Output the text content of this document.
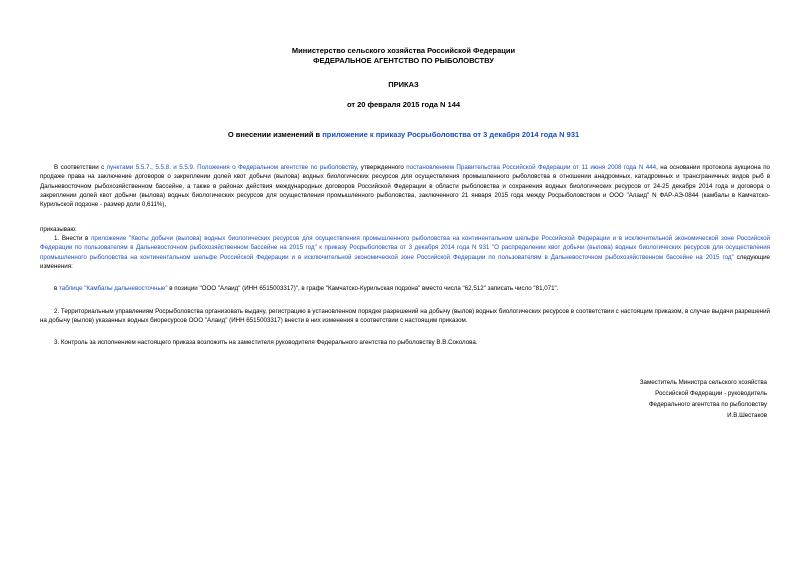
Министерство сельского хозяйства Российской Федерации
ФЕДЕРАЛЬНОЕ АГЕНТСТВО ПО РЫБОЛОВСТВУ
ПРИКАЗ
от 20 февраля 2015 года N 144
О внесении изменений в приложение к приказу Росрыболовства от 3 декабря 2014 года N 931
В соответствии с пунктами 5.5.7., 5.5.8. и 5.5.9. Положения о Федеральном агентстве по рыболовству, утвержденного постановлением Правительства Российской Федерации от 11 июня 2008 года N 444, на основании протокола аукциона по продаже права на заключение договоров о закреплении долей квот добычи (вылова) водных биологических ресурсов для осуществления промышленного рыболовства в отношении анадромных, катадромных и трансграничных видов рыб в Дальневосточном рыбохозяйственном бассейне, а также в районах действия международных договоров Российской Федерации в области рыболовства и сохранения водных биологических ресурсов от 24-25 декабря 2014 года и договора о закреплении долей квот добычи (вылова) водных биологических ресурсов для осуществления промышленного рыболовства, заключенного 21 января 2015 года между Росрыболовством и ООО "Алаид" N ФАР-АЭ-0844 (камбалы в Камчатско-Курильской подзоне - размер доли 0,611%),
приказываю:
1. Внести в приложение "Квоты добычи (вылова) водных биологических ресурсов для осуществления промышленного рыболовства на континентальном шельфе Российской Федерации и в исключительной экономической зоне Российской Федерации по пользователям в Дальневосточном рыбохозяйственном бассейне на 2015 год" к приказу Росрыболовства от 3 декабря 2014 года N 931 "О распределении квот добычи (вылова) водных биологических ресурсов для осуществления промышленного рыболовства на континентальном шельфе Российской Федерации и в исключительной экономической зоне Российской Федерации по пользователям в Дальневосточном рыбохозяйственном бассейне на 2015 год" следующие изменения:
в таблице "Камбалы дальневосточные" в позиции "ООО "Алаид" (ИНН 6515003317)", в графе "Камчатско-Курильская подзона" вместо числа "62,512" записать число "81,071".
2. Территориальным управлениям Росрыболовства организовать выдачу, регистрацию в установленном порядке разрешений на добычу (вылов) водных биологических ресурсов в соответствии с настоящим приказом, в случае выдачи разрешений на добычу (вылов) указанных водных биоресурсов ООО "Алаид" (ИНН 6515003317) внести в них изменения в соответствии с настоящим приказом.
3. Контроль за исполнением настоящего приказа возложить на заместителя руководителя Федерального агентства по рыболовству В.В.Соколова.
Заместитель Министра сельского хозяйства
Российской Федерации - руководитель
Федерального агентства по рыболовству
И.В.Шестаков
